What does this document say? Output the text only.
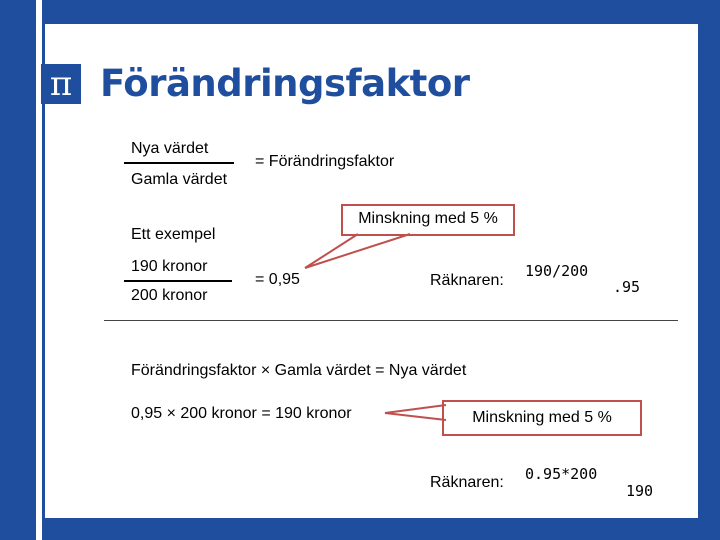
π Förändringsfaktor
Nya värdet
Gamla värdet
= Förändringsfaktor
Ett exempel
190 kronor
200 kronor
= 0,95
Minskning med 5 %
Räknaren:
190/200
.95
Förändringsfaktor × Gamla värdet = Nya värdet
0,95 × 200 kronor = 190 kronor	Minskning med 5 %
Räknaren: 0.95*200
190
